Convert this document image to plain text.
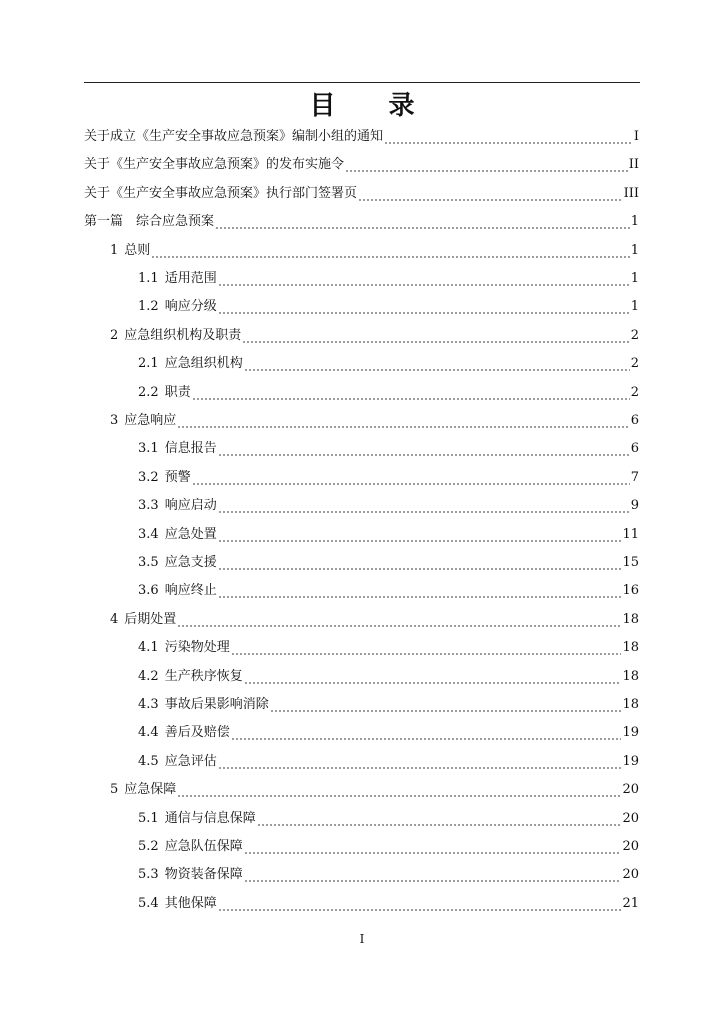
目 录
关于成立《生产安全事故应急预案》编制小组的通知	I
关于《生产安全事故应急预案》的发布实施令	II
关于《生产安全事故应急预案》执行部门签署页	III
第一篇　综合应急预案	1
1 总则	1
1.1 适用范围	1
1.2 响应分级	1
2 应急组织机构及职责	2
2.1 应急组织机构	2
2.2 职责	2
3 应急响应	6
3.1 信息报告	6
3.2 预警	7
3.3 响应启动	9
3.4 应急处置	11
3.5 应急支援	15
3.6 响应终止	16
4 后期处置	18
4.1 污染物处理	18
4.2 生产秩序恢复	18
4.3 事故后果影响消除	18
4.4 善后及赔偿	19
4.5 应急评估	19
5 应急保障	20
5.1 通信与信息保障	20
5.2 应急队伍保障	20
5.3 物资装备保障	20
5.4 其他保障	21
I
